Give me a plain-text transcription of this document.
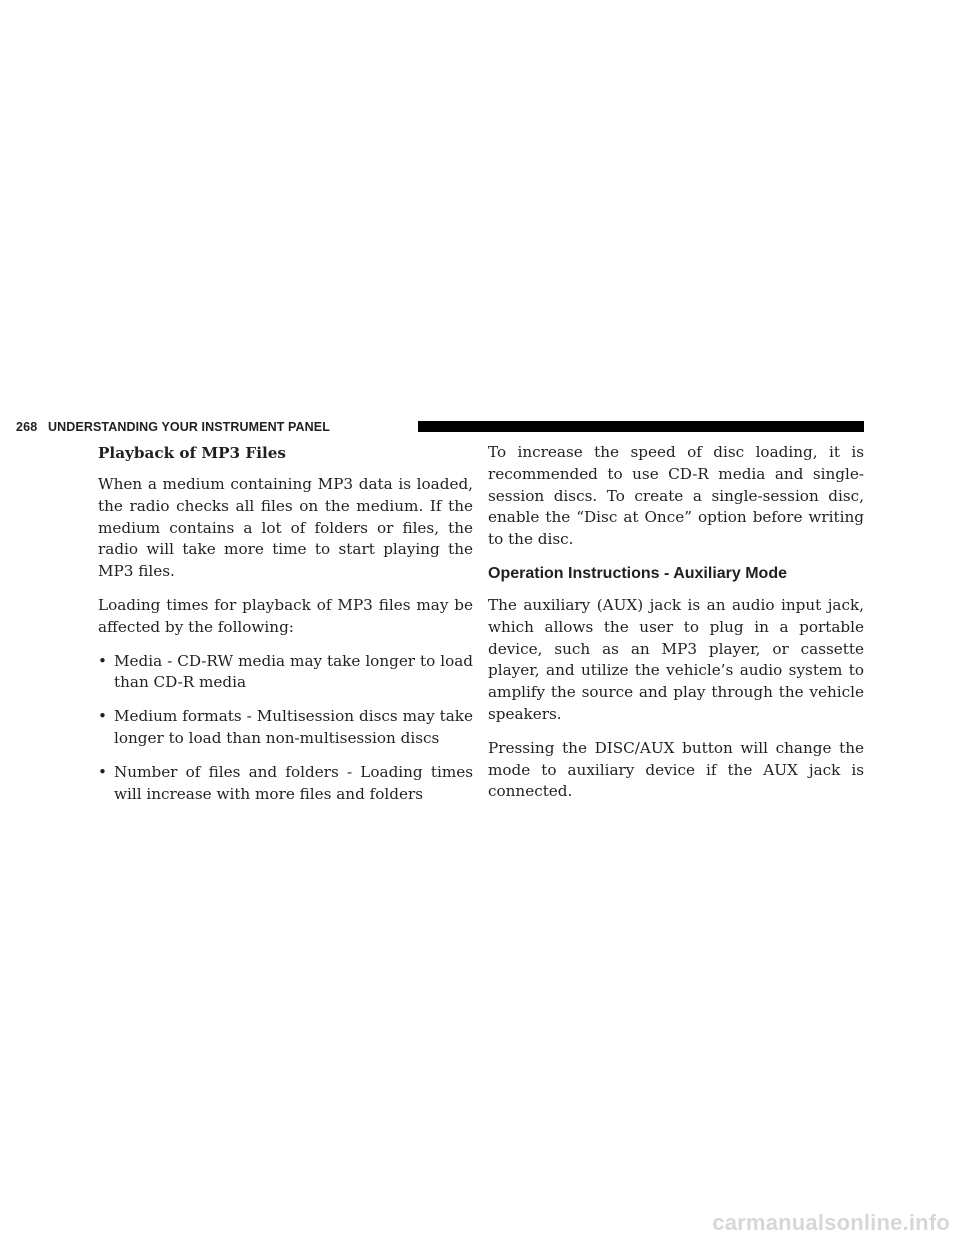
268 UNDERSTANDING YOUR INSTRUMENT PANEL
Playback of MP3 Files

When a medium containing MP3 data is loaded, the radio checks all files on the medium. If the medium contains a lot of folders or files, the radio will take more time to start playing the MP3 files.

Loading times for playback of MP3 files may be affected by the following:

• Media - CD-RW media may take longer to load than CD-R media
• Medium formats - Multisession discs may take longer to load than non-multisession discs
• Number of files and folders - Loading times will increase with more files and folders

To increase the speed of disc loading, it is recommended to use CD-R media and single-session discs. To create a single-session disc, enable the “Disc at Once” option before writing to the disc.

Operation Instructions - Auxiliary Mode

The auxiliary (AUX) jack is an audio input jack, which allows the user to plug in a portable device, such as an MP3 player, or cassette player, and utilize the vehicle’s audio system to amplify the source and play through the vehicle speakers.

Pressing the DISC/AUX button will change the mode to auxiliary device if the AUX jack is connected.

carmanualsonline.info
